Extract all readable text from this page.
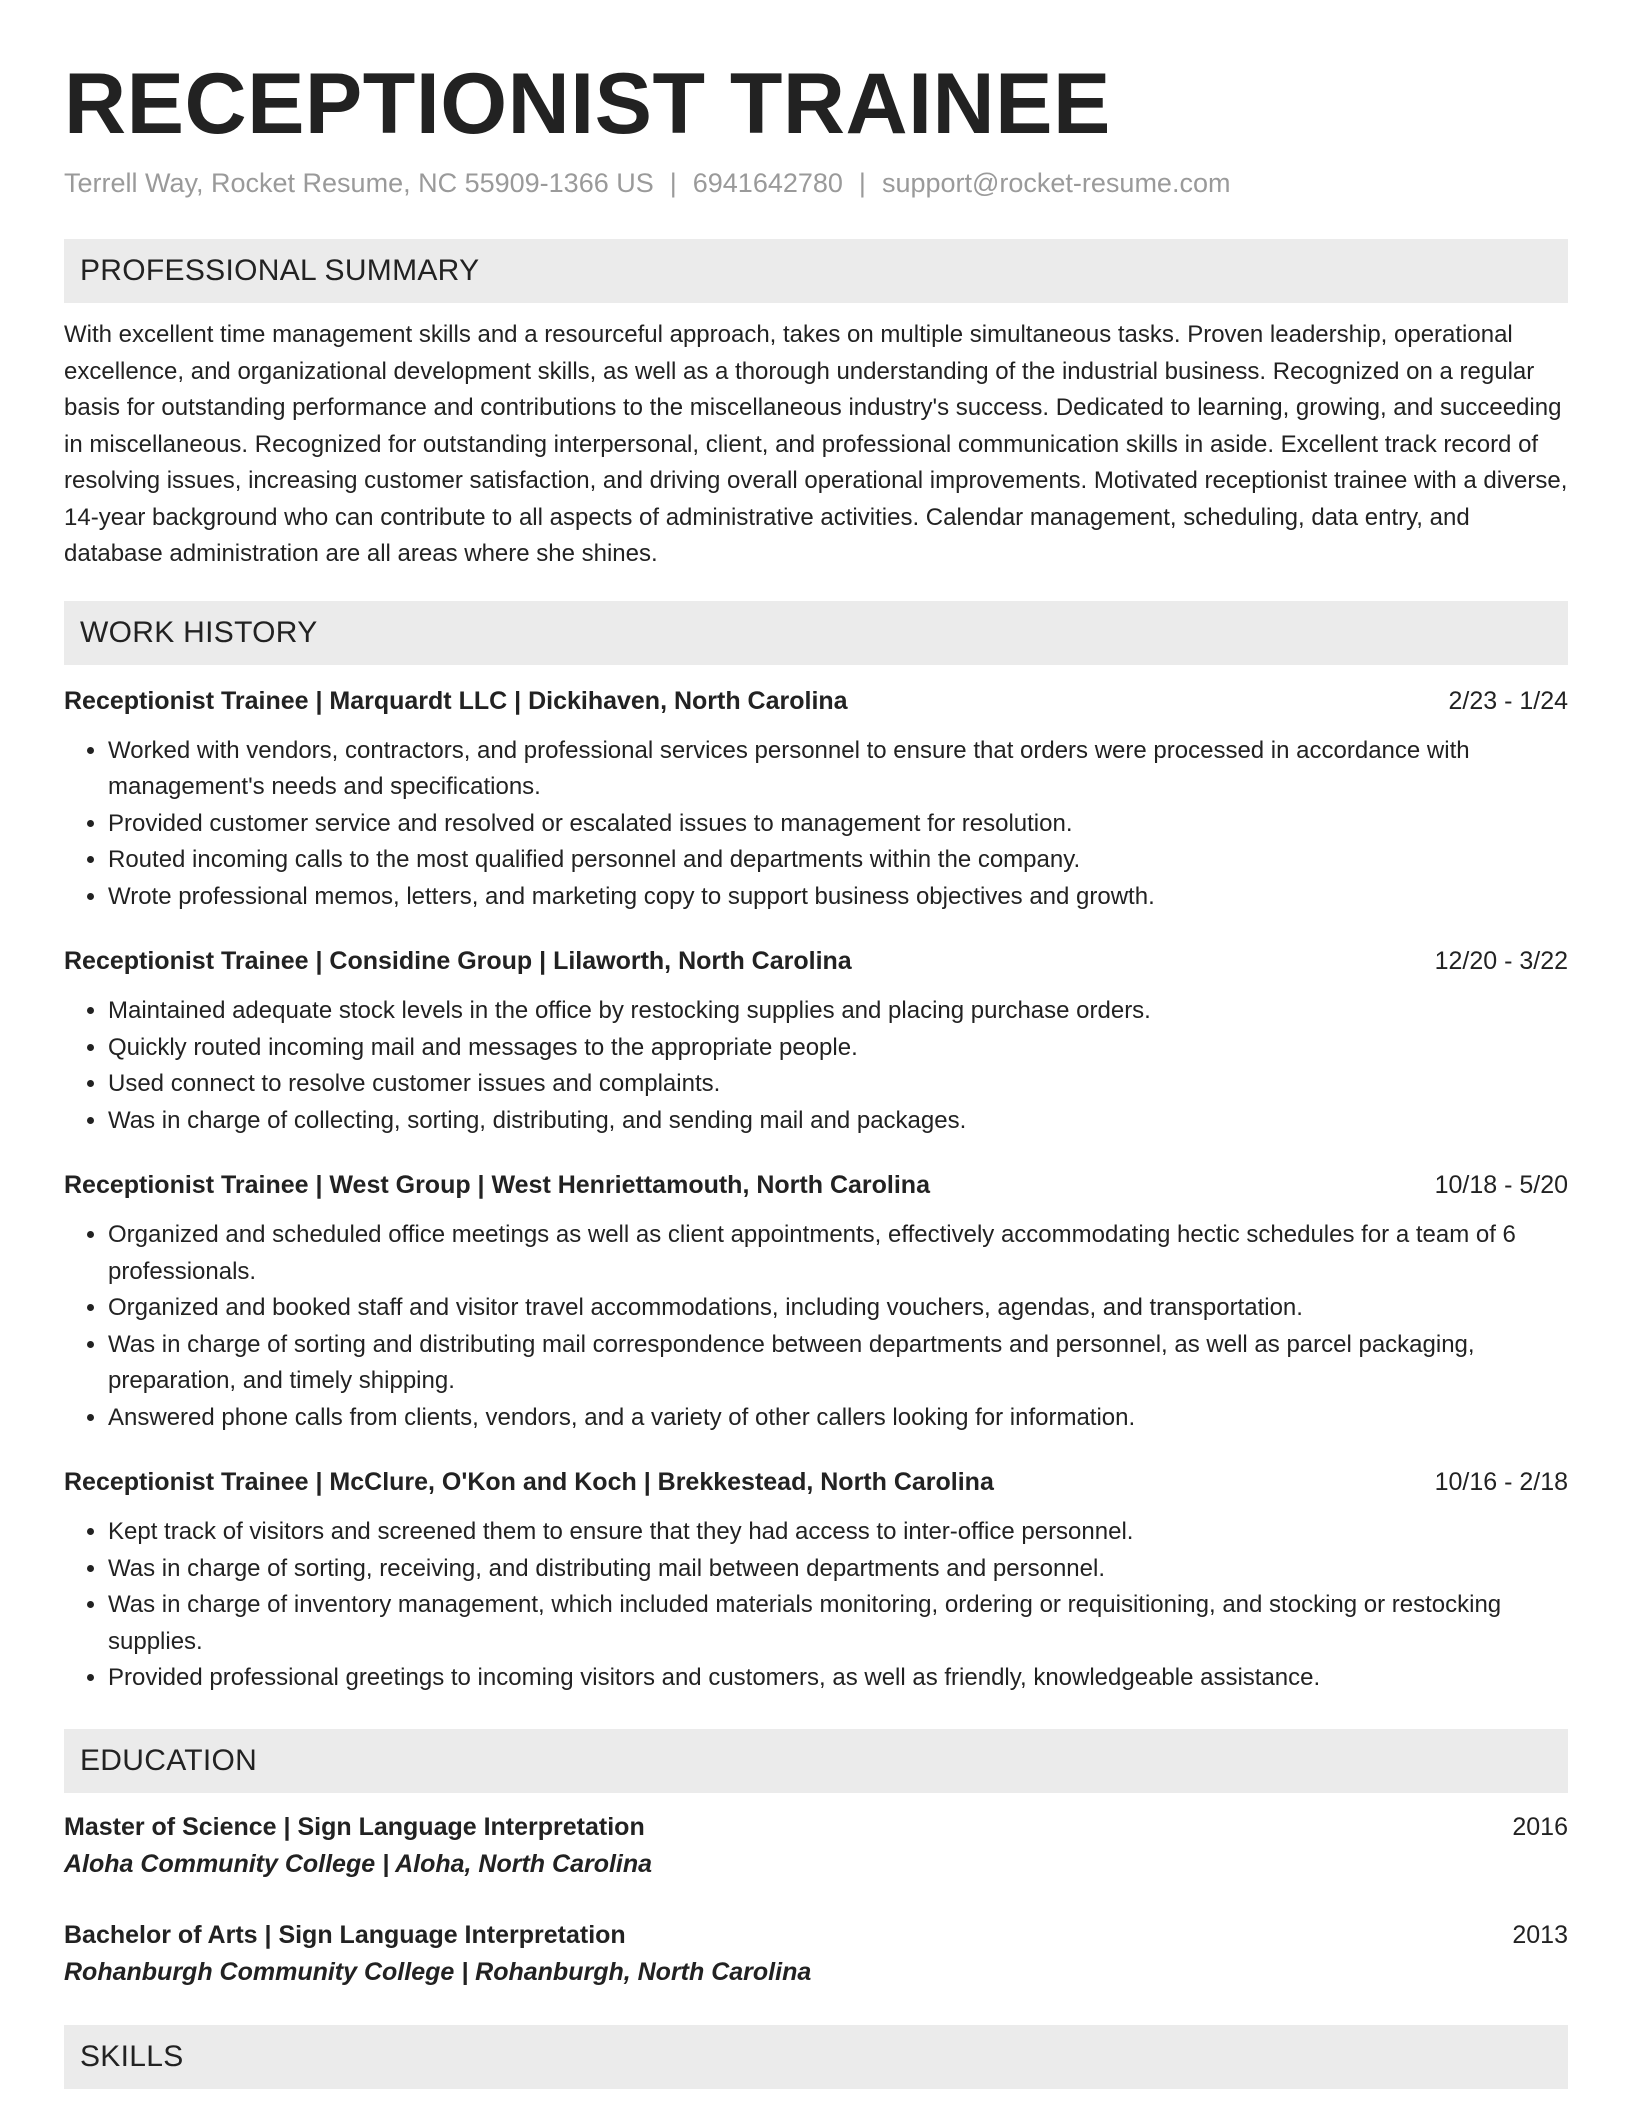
RECEPTIONIST TRAINEE
Terrell Way, Rocket Resume, NC 55909-1366 US | 6941642780 | support@rocket-resume.com
PROFESSIONAL SUMMARY

With excellent time management skills and a resourceful approach, takes on multiple simultaneous tasks. Proven leadership, operational excellence, and organizational development skills, as well as a thorough understanding of the industrial business. Recognized on a regular basis for outstanding performance and contributions to the miscellaneous industry's success. Dedicated to learning, growing, and succeeding in miscellaneous. Recognized for outstanding interpersonal, client, and professional communication skills in aside. Excellent track record of resolving issues, increasing customer satisfaction, and driving overall operational improvements. Motivated receptionist trainee with a diverse, 14-year background who can contribute to all aspects of administrative activities. Calendar management, scheduling, data entry, and database administration are all areas where she shines.

WORK HISTORY
Receptionist Trainee | Marquardt LLC | Dickihaven, North Carolina	2/23 - 1/24
• Worked with vendors, contractors, and professional services personnel to ensure that orders were processed in accordance with management's needs and specifications.
• Provided customer service and resolved or escalated issues to management for resolution.
• Routed incoming calls to the most qualified personnel and departments within the company.
• Wrote professional memos, letters, and marketing copy to support business objectives and growth.
Receptionist Trainee | Considine Group | Lilaworth, North Carolina	12/20 - 3/22
• Maintained adequate stock levels in the office by restocking supplies and placing purchase orders.
• Quickly routed incoming mail and messages to the appropriate people.
• Used connect to resolve customer issues and complaints.
• Was in charge of collecting, sorting, distributing, and sending mail and packages.
Receptionist Trainee | West Group | West Henriettamouth, North Carolina	10/18 - 5/20
• Organized and scheduled office meetings as well as client appointments, effectively accommodating hectic schedules for a team of 6 professionals.
• Organized and booked staff and visitor travel accommodations, including vouchers, agendas, and transportation.
• Was in charge of sorting and distributing mail correspondence between departments and personnel, as well as parcel packaging, preparation, and timely shipping.
• Answered phone calls from clients, vendors, and a variety of other callers looking for information.
Receptionist Trainee | McClure, O'Kon and Koch | Brekkestead, North Carolina	10/16 - 2/18
• Kept track of visitors and screened them to ensure that they had access to inter-office personnel.
• Was in charge of sorting, receiving, and distributing mail between departments and personnel.
• Was in charge of inventory management, which included materials monitoring, ordering or requisitioning, and stocking or restocking supplies.
• Provided professional greetings to incoming visitors and customers, as well as friendly, knowledgeable assistance.
EDUCATION
Master of Science | Sign Language Interpretation	2016
Aloha Community College | Aloha, North Carolina
Bachelor of Arts | Sign Language Interpretation	2013
Rohanburgh Community College | Rohanburgh, North Carolina
SKILLS
